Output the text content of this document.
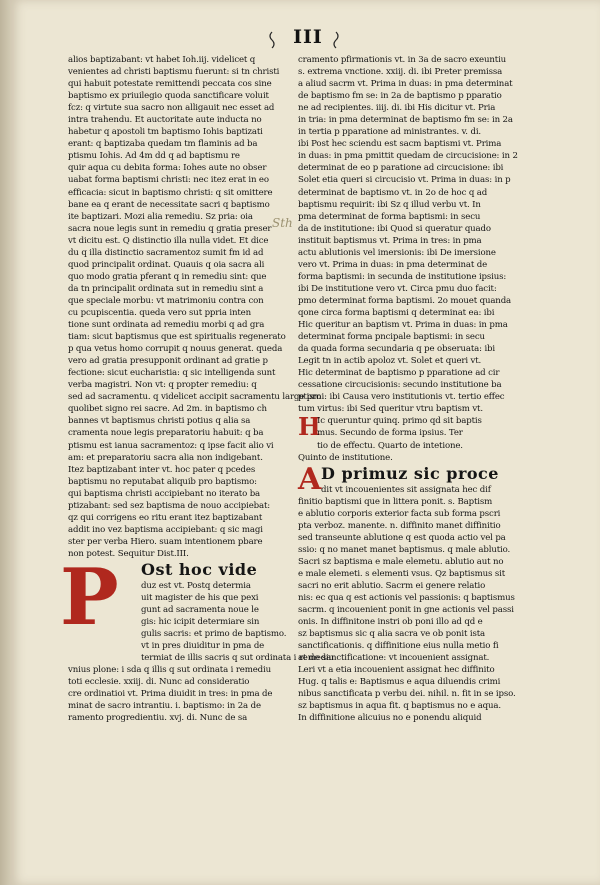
III
alios baptizabant: vt habet Ioh.iij. videlicet q
venientes ad christi baptismu fuerunt: si tn christi
qui habuit potestate remittendi peccata cos sine
baptismo ex priuilegio quoda sanctificare voluit
fcz: q virtute sua sacro non alligauit nec esset ad
intra trahendu. Et auctoritate aute inducta no
habetur q apostoli tm baptismo Iohis baptizati
erant: q baptizaba quedam tm flaminis ad ba
ptismu Iohis. Ad 4m dd q ad baptismu re
quir aqua cu debita forma: Iohes aute no obser
uabat forma baptismi christi: nec itez erat in eo
efficacia: sicut in baptismo christi: q sit omittere
bane ea q erant de necessitate sacri q baptismo
ite baptizari. Mozi alia remediu. Sz pria: oia
sacra noue legis sunt in remediu q gratia preser
vt dicitu est. Q distinctio illa nulla videt. Et dice
du q illa distinctio sacramentoz sumit fm id ad
quod principalit ordinat. Quauis q oia sacra ali
quo modo gratia pferant q in remediu sint: que
da tn principalit ordinata sut in remediu sint a
que speciale morbu: vt matrimoniu contra con
cu pcupiscentia. queda vero sut ppria inten
tione sunt ordinata ad remediu morbi q ad gra
tiam: sicut baptismus que est spiritualis regenerato
p qua vetus homo corrupit q nouus generat. queda
vero ad gratia presupponit ordinant ad gratie p
fectione: sicut eucharistia: q sic intelligenda sunt
verba magistri. Non vt: q propter remediu: q
sed ad sacramentu. q videlicet accipit sacramentu large pro
quolibet signo rei sacre. Ad 2m. in baptismo ch
bannes vt baptismus christi potius q alia sa
cramenta noue legis preparatoriu habuit: q ba
ptismu est ianua sacramentoz: q ipse facit alio vi
am: et preparatoriu sacra alia non indigebant.
Itez baptizabant inter vt. hoc pater q pcedes
baptismu no reputabat aliquib pro baptismo:
qui baptisma christi accipiebant no iterato ba
ptizabant: sed sez baptisma de nouo accipiebat:
qz qui corrigens eo ritu erant itez baptizabant
addit ino vez baptisma accipiebant: q sic magi
ster per verba Hiero. suam intentionem pbare
non potest. Sequitur Dist.III.
P	Ost hoc vide
duz est vt. Postq determia
uit magister de his que pexi
gunt ad sacramenta noue le
gis: hic icipit determiare sin
gulis sacris: et primo de baptismo.
vt in pres diuiditur in pma de
termiat de illis sacris q sut ordinata i remediu
vnius plone: i sda q illis q sut ordinata i remediu
toti ecclesie. xxiij. di. Nunc ad consideratio
cre ordinatioi vt. Prima diuidit in tres: in pma de
minat de sacro intrantiu. i. baptismo: in 2a de
ramento progredientiu. xvj. di. Nunc de sa
Sth
cramento pfirmationis vt. in 3a de sacro exeuntiu
s. extrema vnctione. xxiij. di. ibi Preter premissa
a aliud sacrm vt. Prima in duas: in pma determinat
de baptismo fm se: in 2a de baptismo p pparatio
ne ad recipientes. iiij. di. ibi His dicitur vt. Pria
in tria: in pma determinat de baptismo fm se: in 2a
in tertia p pparatione ad ministrantes. v. di.
ibi Post hec sciendu est sacm baptismi vt. Prima
in duas: in pma pmittit quedam de circucisione: in 2
determinat de eo p paratione ad circucisione: ibi
Solet etia queri si circucisio vt. Prima in duas: in p
determinat de baptismo vt. in 2o de hoc q ad
baptismu requirit: ibi Sz q illud verbu vt. In
pma determinat de forma baptismi: in secu
da de institutione: ibi Quod si queratur quado
instituit baptismus vt. Prima in tres: in pma
actu ablutionis vel imersionis: ibi De imersione
vero vt. Prima in duas: in pma determinat de
forma baptismi: in secunda de institutione ipsius:
ibi De institutione vero vt. Circa pmu duo facit:
pmo determinat forma baptismi. 2o mouet quanda
qone circa forma baptismi q determinat ea: ibi
Hic queritur an baptism vt. Prima in duas: in pma
determinat forma pncipale baptismi: in secu
da quada forma secundaria q pe obseruata: ibi
Legit tn in actib apoloz vt. Solet et queri vt.
Hic determinat de baptismo p pparatione ad cir
cessatione circucisionis: secundo institutione ba
ptismi: ibi Causa vero institutionis vt. tertio effec
tum virtus: ibi Sed queritur vtru baptism vt.
H
Ic queruntur quinq. primo qd sit baptis
mus. Secundo de forma ipsius. Ter
tio de effectu. Quarto de intetione.
Quinto de institutione.
A D primuz sic proce
dit vt incouenientes sit assignata hec dif
finitio baptismi que in littera ponit. s. Baptism
e ablutio corporis exterior facta sub forma pscri
pta verboz. manente. n. diffinito manet diffinitio
sed transeunte ablutione q est quoda actio vel pa
ssio: q no manet manet baptismus. q male ablutio.
Sacri sz baptisma e male elemetu. ablutio aut no
e male elemeti. s elementi vsus. Qz baptismus sit
sacri no erit ablutio. Sacrm ei genere relatio
nis: ec qua q est actionis vel passionis: q baptismus
sacrm. q incouenient ponit in gne actionis vel passi
onis. In diffinitone instri ob poni illo ad qd e
sz baptismus sic q alia sacra ve ob ponit ista
sanctificationis. q diffinitione eius nulla metio fi
at de sanctificatione: vt incouenient assignat.
Leri vt a etia incouenient assignat hec diffinito
Hug. q talis e: Baptismus e aqua diluendis crimi
nibus sanctificata p verbu dei. nihil. n. fit in se ipso.
sz baptismus in aqua fit. q baptismus no e aqua.
In diffinitione alicuius no e ponendu aliquid
